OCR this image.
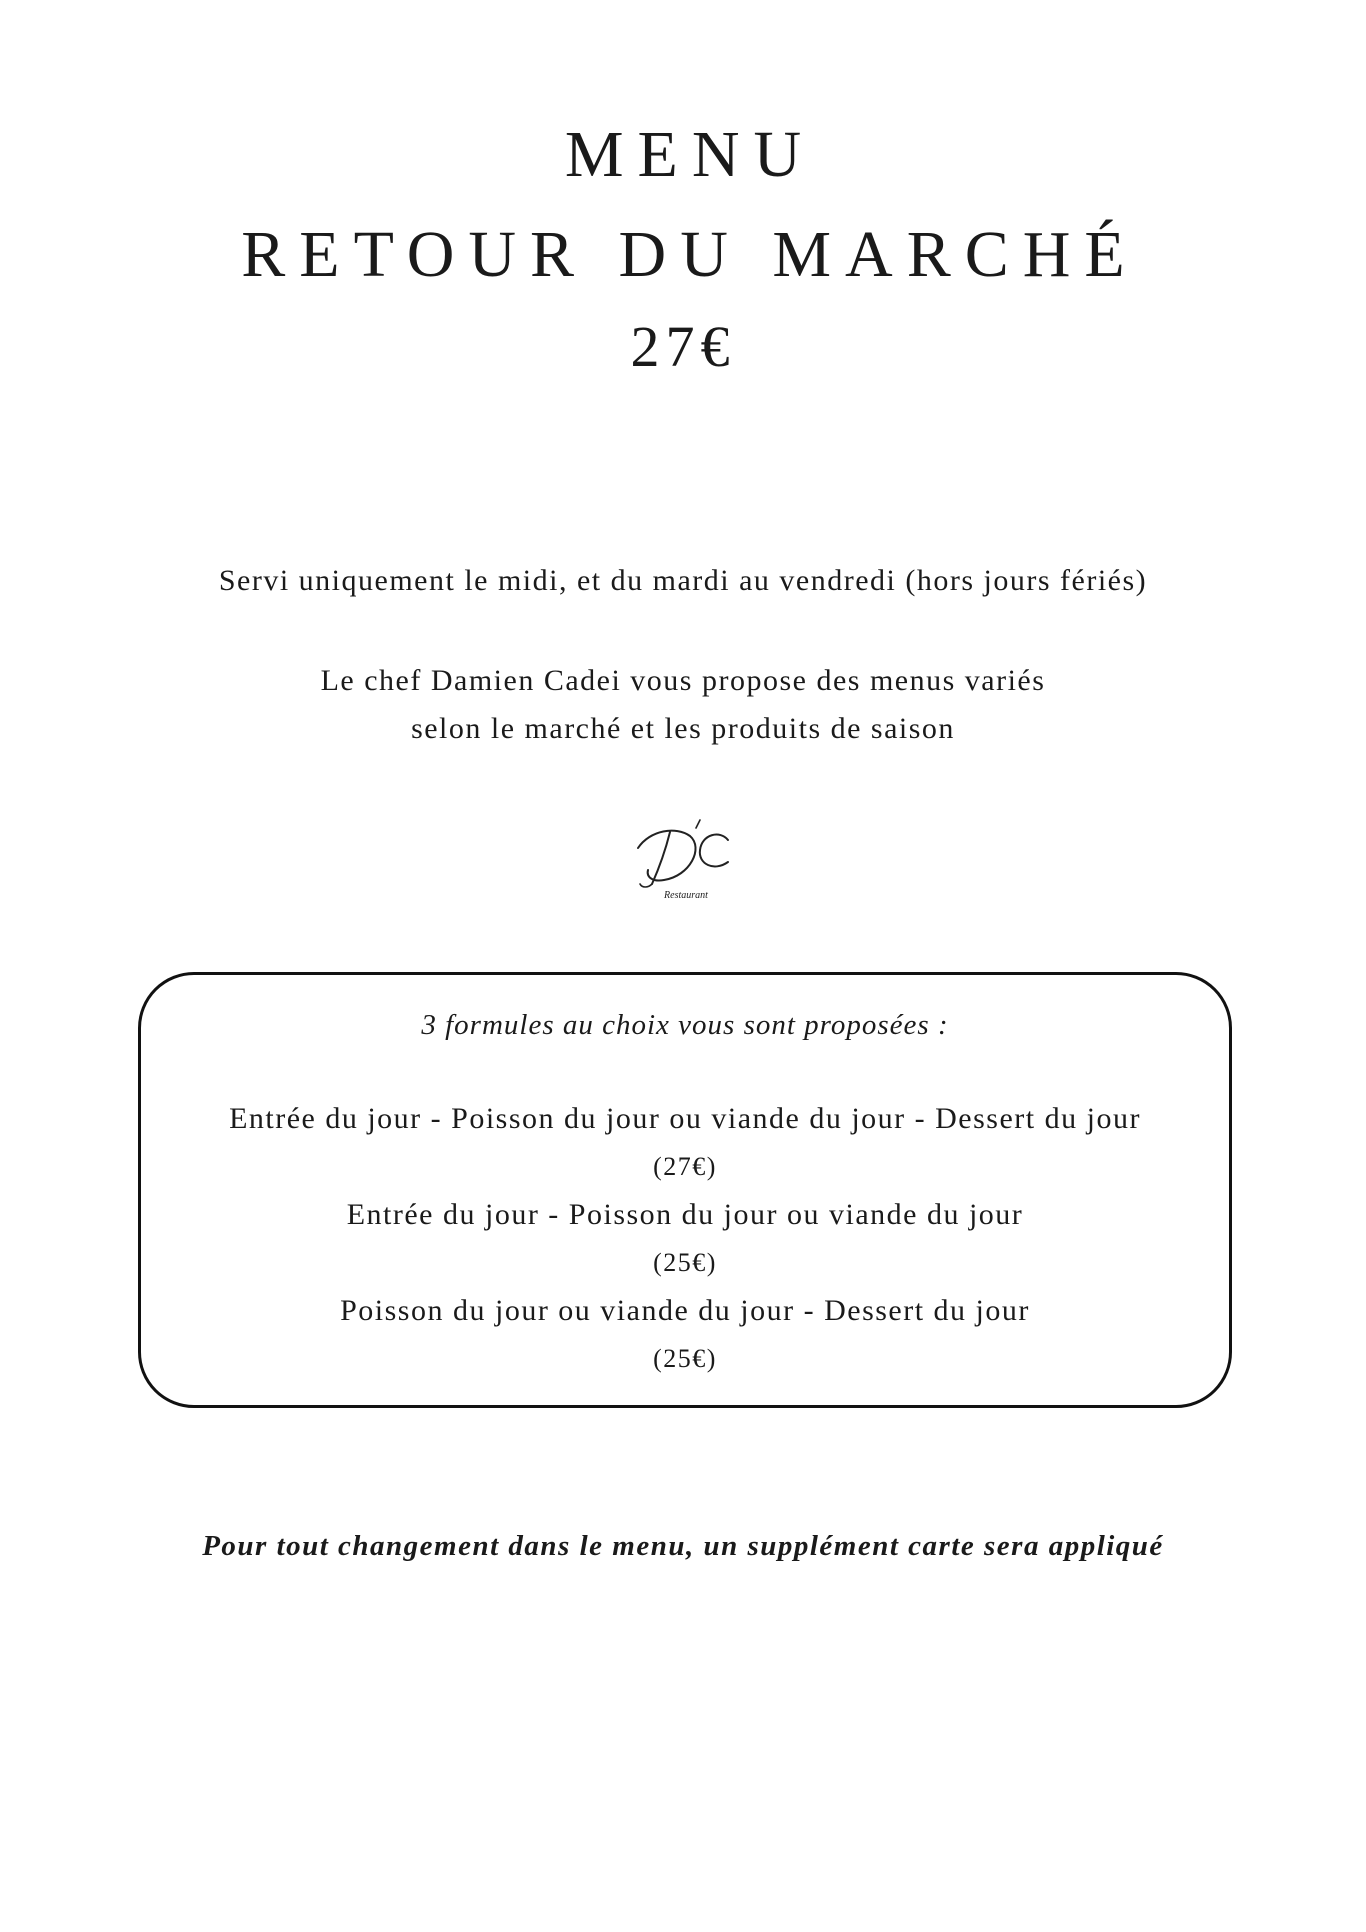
MENU
RETOUR DU MARCHÉ
27€
Servi uniquement le midi, et du mardi au vendredi (hors jours fériés)
Le chef Damien Cadei vous propose des menus variés
selon le marché et les produits de saison
Restaurant
3 formules au choix vous sont proposées :
Entrée du jour - Poisson du jour ou viande du jour - Dessert du jour
(27€)
Entrée du jour - Poisson du jour ou viande du jour
(25€)
Poisson du jour ou viande du jour - Dessert du jour
(25€)
Pour tout changement dans le menu, un supplément carte sera appliqué
